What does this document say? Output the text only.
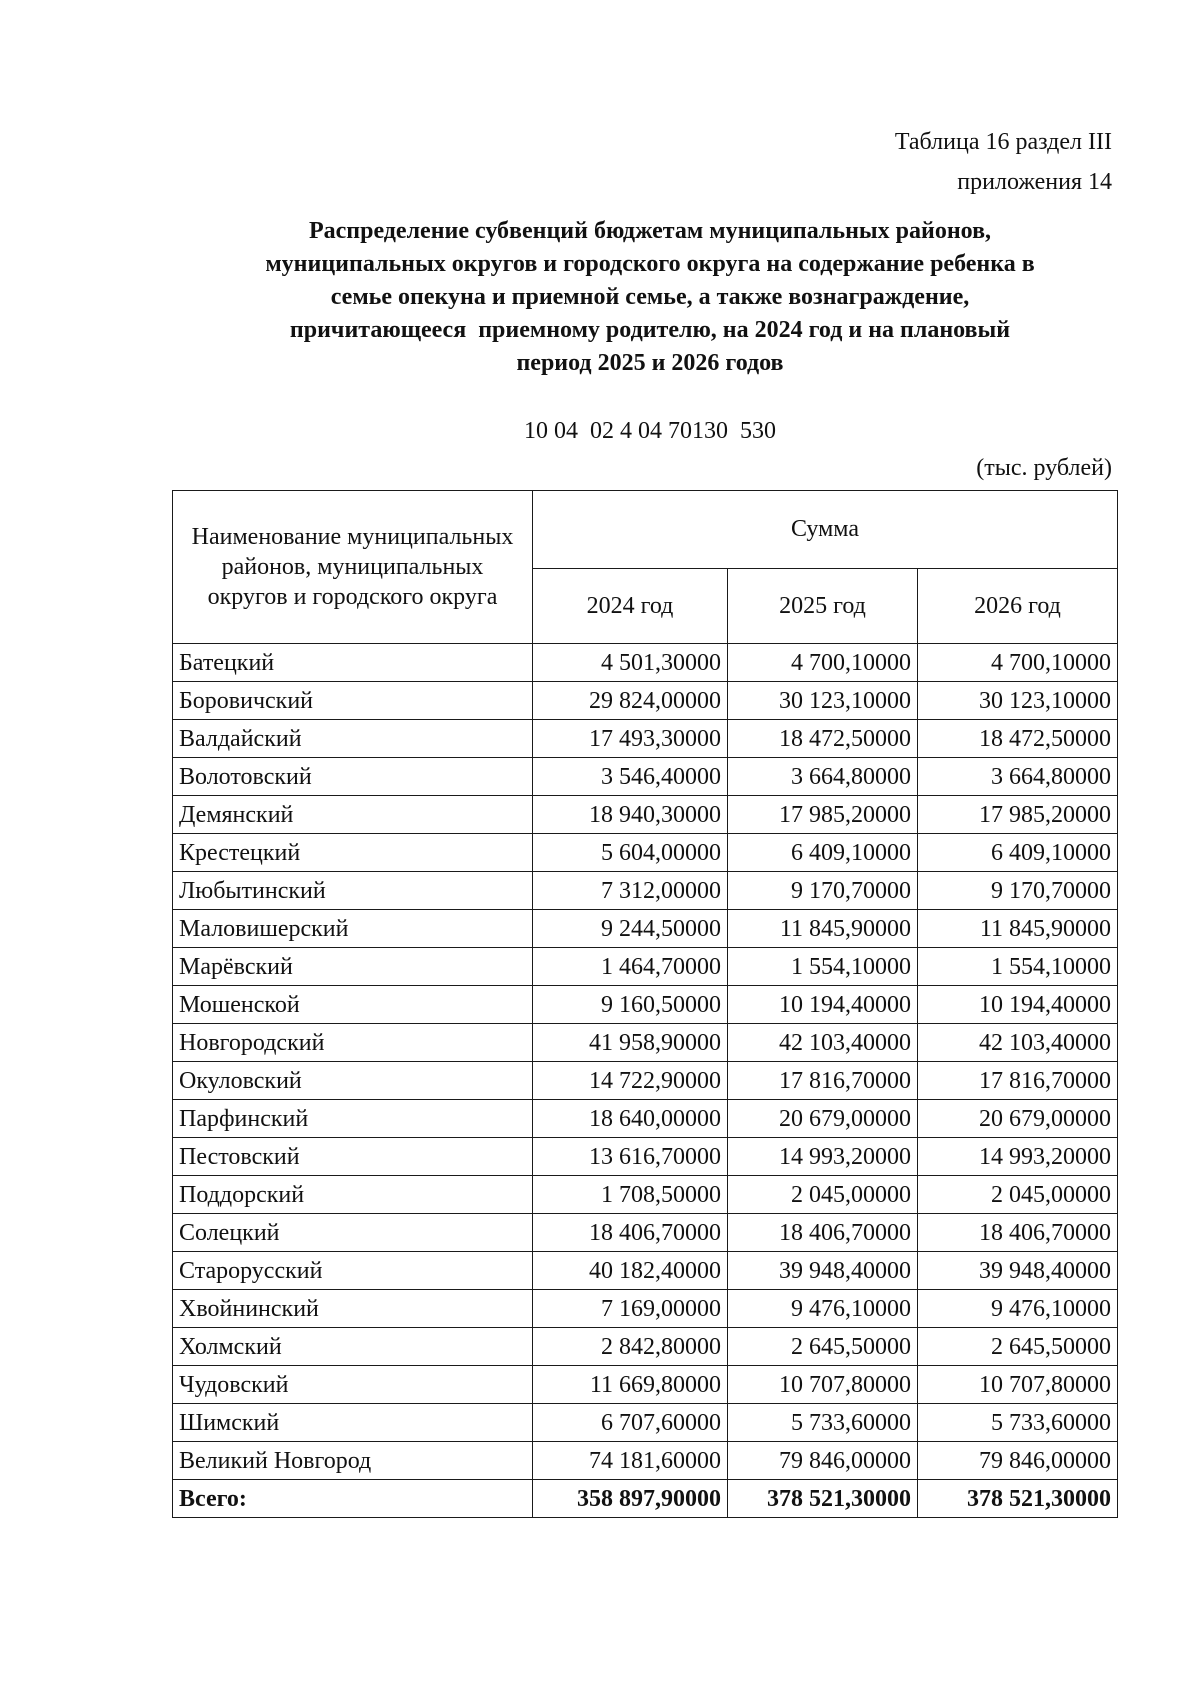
Таблица 16 раздел III
приложения 14
Распределение субвенций бюджетам муниципальных районов,
муниципальных округов и городского округа на содержание ребенка в
семье опекуна и приемной семье, а также вознаграждение,
причитающееся  приемному родителю, на 2024 год и на плановый
период 2025 и 2026 годов
10 04  02 4 04 70130  530
(тыс. рублей)
Наименование муниципальных районов, муниципальных округов и городского округа	Сумма		
	2024 год	2025 год	2026 год
Батецкий	4 501,30000	4 700,10000	4 700,10000
Боровичский	29 824,00000	30 123,10000	30 123,10000
Валдайский	17 493,30000	18 472,50000	18 472,50000
Волотовский	3 546,40000	3 664,80000	3 664,80000
Демянский	18 940,30000	17 985,20000	17 985,20000
Крестецкий	5 604,00000	6 409,10000	6 409,10000
Любытинский	7 312,00000	9 170,70000	9 170,70000
Маловишерский	9 244,50000	11 845,90000	11 845,90000
Марёвский	1 464,70000	1 554,10000	1 554,10000
Мошенской	9 160,50000	10 194,40000	10 194,40000
Новгородский	41 958,90000	42 103,40000	42 103,40000
Окуловский	14 722,90000	17 816,70000	17 816,70000
Парфинский	18 640,00000	20 679,00000	20 679,00000
Пестовский	13 616,70000	14 993,20000	14 993,20000
Поддорский	1 708,50000	2 045,00000	2 045,00000
Солецкий	18 406,70000	18 406,70000	18 406,70000
Старорусский	40 182,40000	39 948,40000	39 948,40000
Хвойнинский	7 169,00000	9 476,10000	9 476,10000
Холмский	2 842,80000	2 645,50000	2 645,50000
Чудовский	11 669,80000	10 707,80000	10 707,80000
Шимский	6 707,60000	5 733,60000	5 733,60000
Великий Новгород	74 181,60000	79 846,00000	79 846,00000
Всего:	358 897,90000	378 521,30000	378 521,30000
